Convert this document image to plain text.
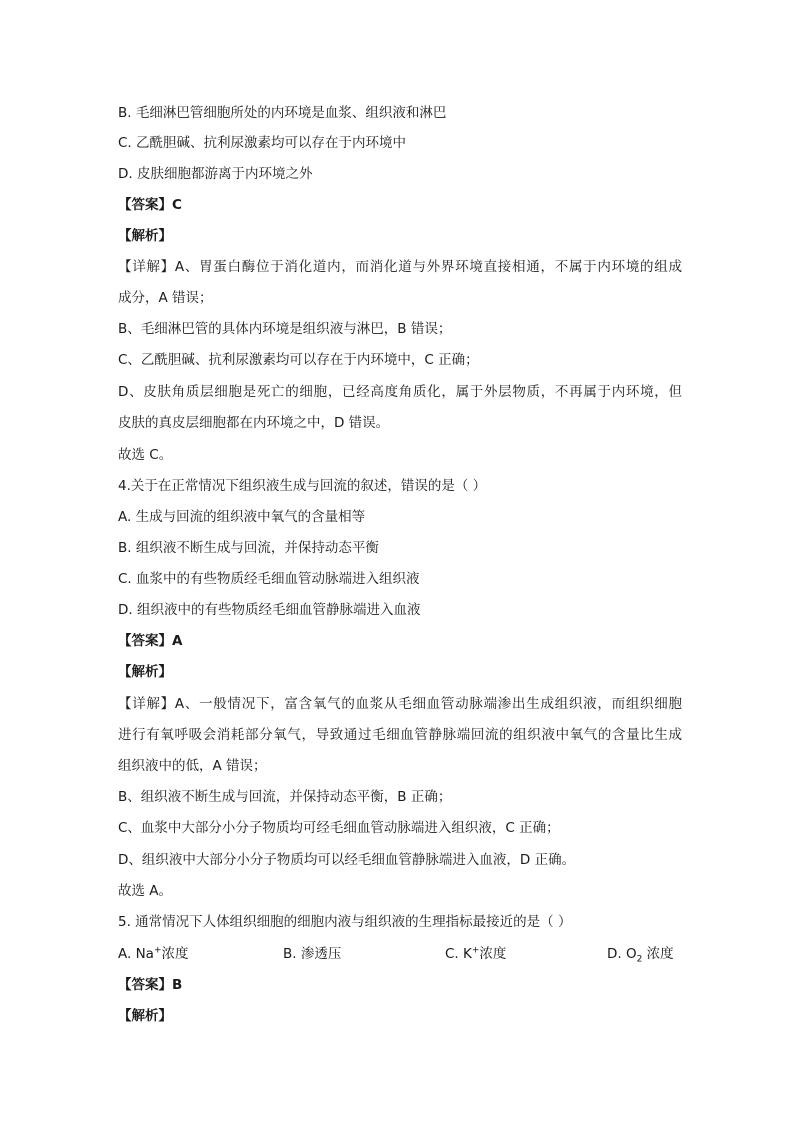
B. 毛细淋巴管细胞所处的内环境是血浆、组织液和淋巴
C. 乙酰胆碱、抗利尿激素均可以存在于内环境中
D. 皮肤细胞都游离于内环境之外
【答案】C
【解析】
【详解】A、胃蛋白酶位于消化道内，而消化道与外界环境直接相通，不属于内环境的组成
成分，A 错误；
B、毛细淋巴管的具体内环境是组织液与淋巴，B 错误；
C、乙酰胆碱、抗利尿激素均可以存在于内环境中，C 正确；
D、皮肤角质层细胞是死亡的细胞，已经高度角质化，属于外层物质，不再属于内环境，但
皮肤的真皮层细胞都在内环境之中，D 错误。
故选 C。
4.关于在正常情况下组织液生成与回流的叙述，错误的是（ ）
A. 生成与回流的组织液中氧气的含量相等
B. 组织液不断生成与回流，并保持动态平衡
C. 血浆中的有些物质经毛细血管动脉端进入组织液
D. 组织液中的有些物质经毛细血管静脉端进入血液
【答案】A
【解析】
【详解】A、一般情况下，富含氧气的血浆从毛细血管动脉端渗出生成组织液，而组织细胞
进行有氧呼吸会消耗部分氧气，导致通过毛细血管静脉端回流的组织液中氧气的含量比生成
组织液中的低，A 错误；
B、组织液不断生成与回流，并保持动态平衡，B 正确；
C、血浆中大部分小分子物质均可经毛细血管动脉端进入组织液，C 正确；
D、组织液中大部分小分子物质均可以经毛细血管静脉端进入血液，D 正确。
故选 A。
5. 通常情况下人体组织细胞的细胞内液与组织液的生理指标最接近的是（ ）
A. Na+浓度	B. 渗透压	C. K+浓度	D. $O_2$ 浓度
【答案】B
【解析】
